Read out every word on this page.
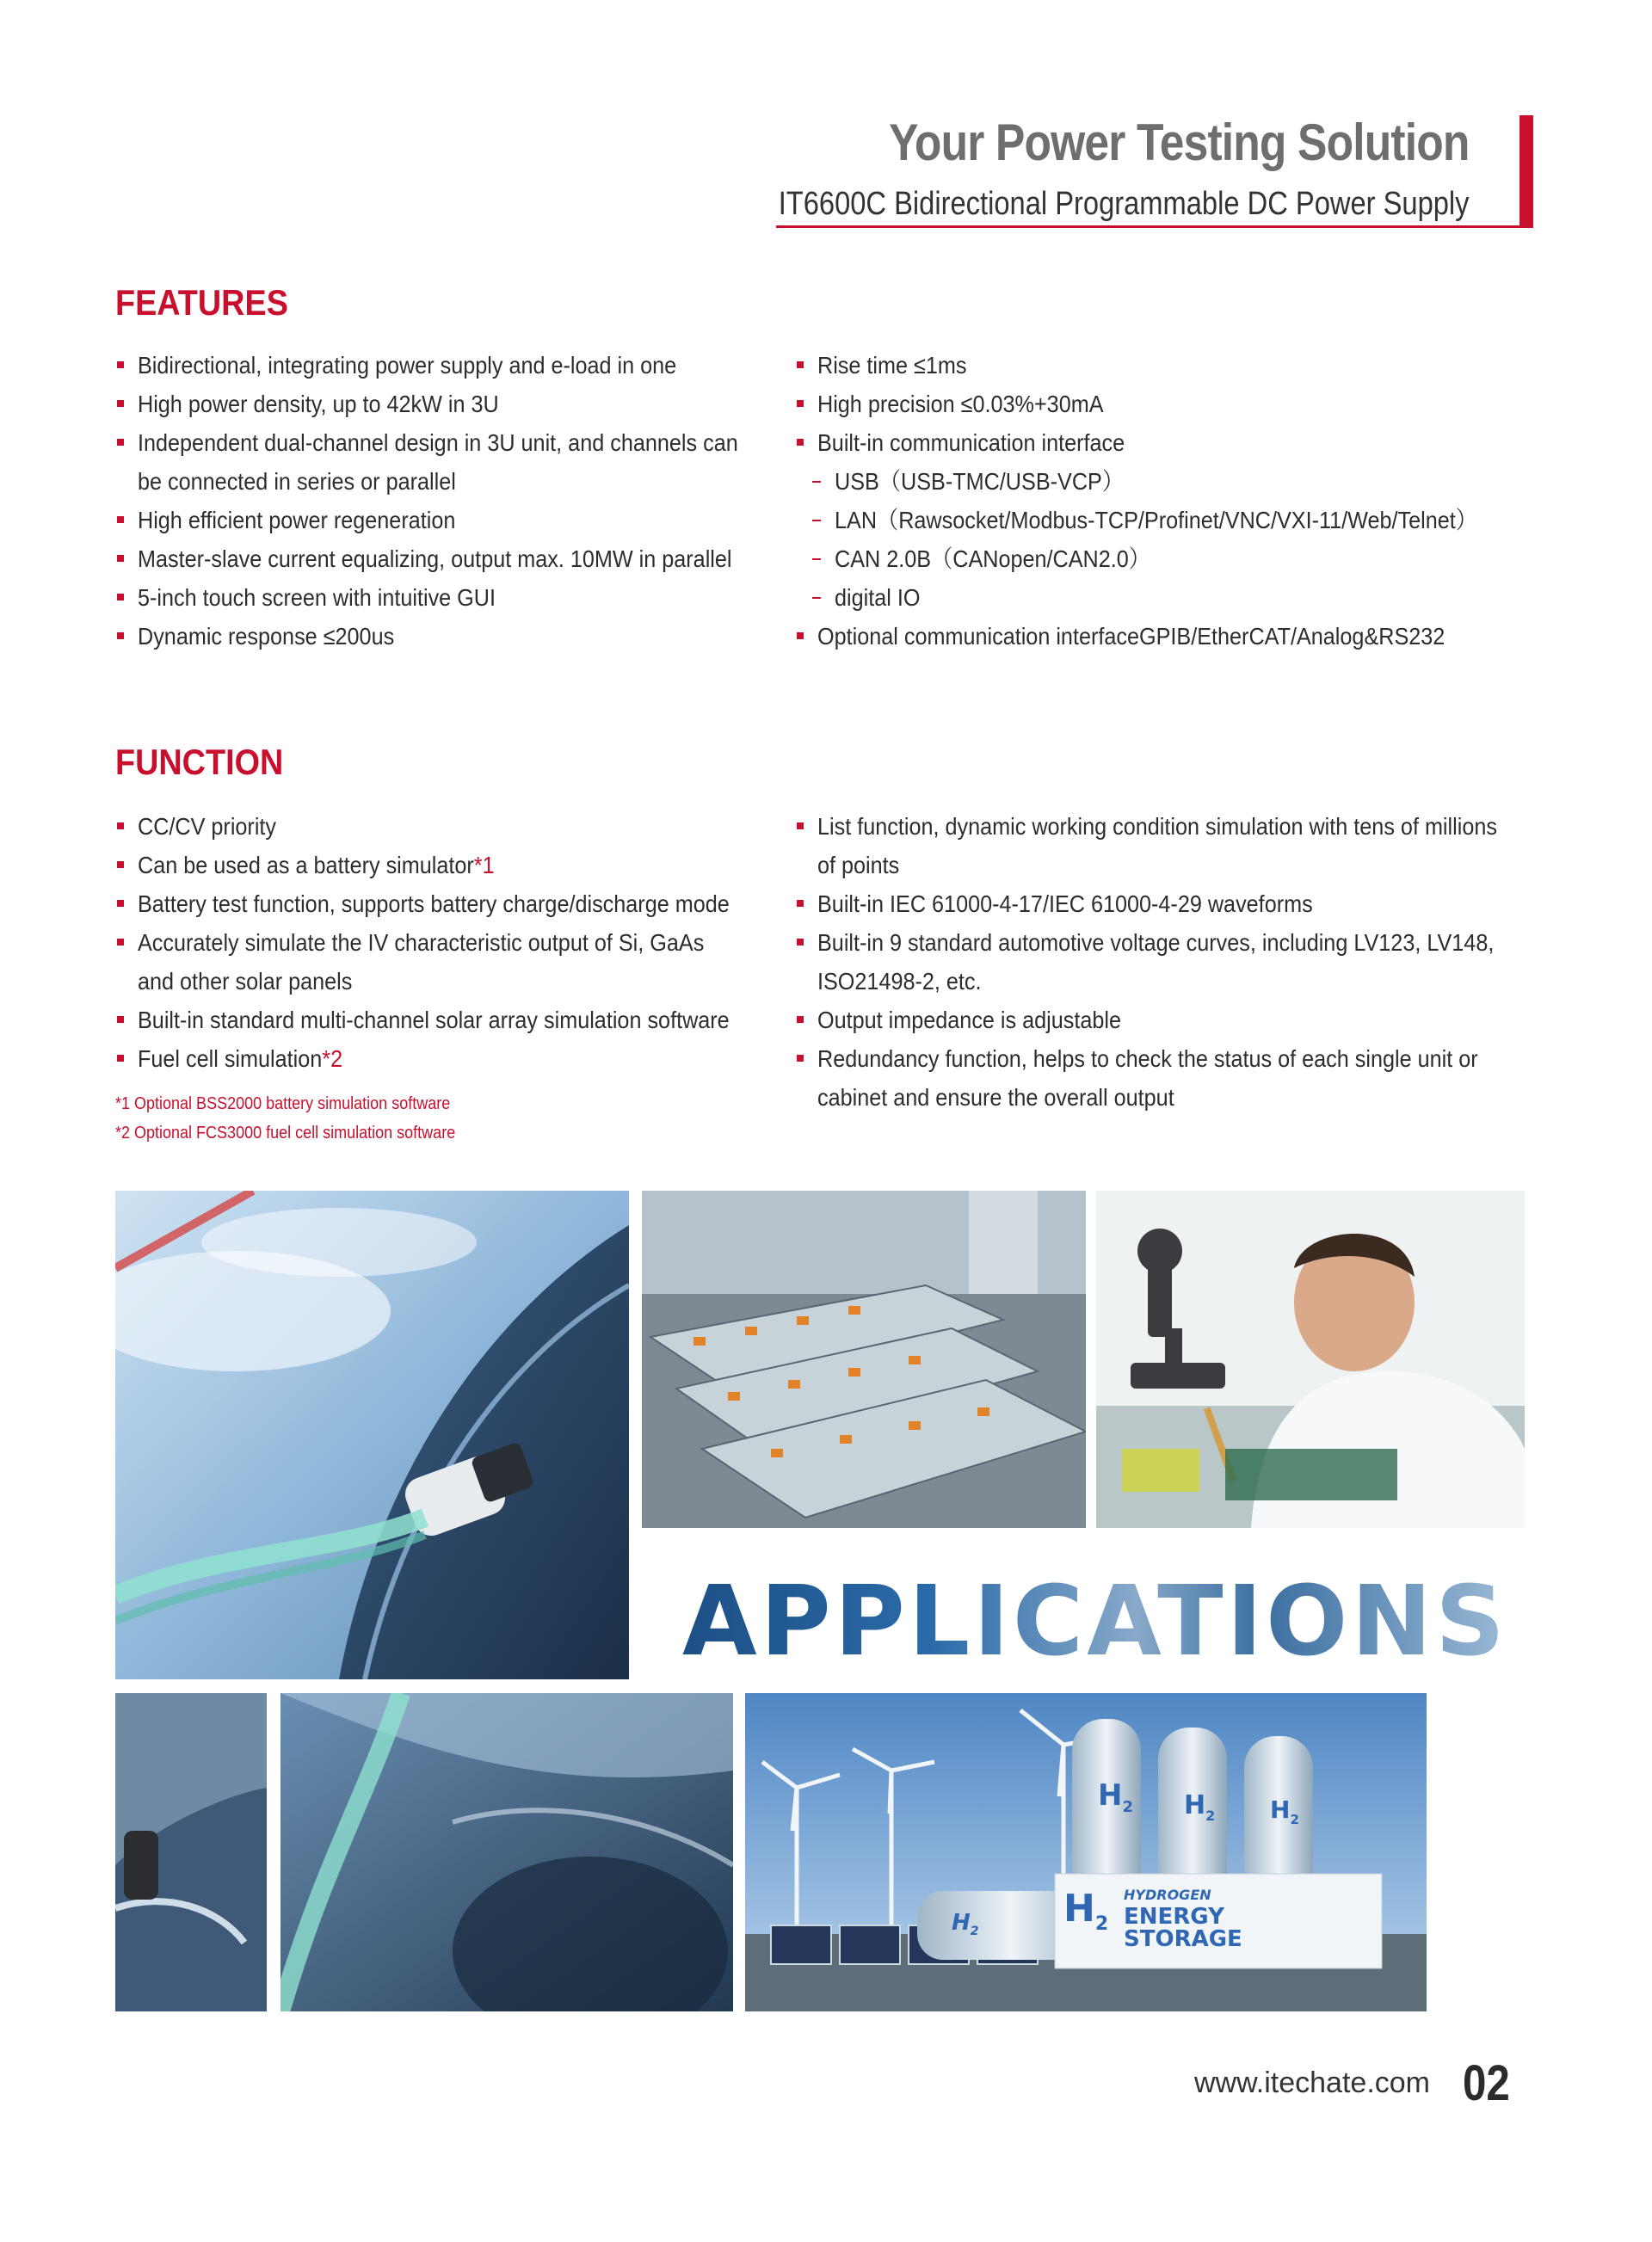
Your Power Testing Solution
IT6600C Bidirectional Programmable DC Power Supply
FEATURES
Bidirectional, integrating power supply and e-load in one
High power density, up to 42kW in 3U
Independent dual-channel design in 3U unit, and channels can
be connected in series or parallel
High efficient power regeneration
Master-slave current equalizing, output max. 10MW in parallel
5-inch touch screen with intuitive GUI
Dynamic response ≤200us
Rise time ≤1ms
High precision ≤0.03%+30mA
Built-in communication interface
USB（USB-TMC/USB-VCP）
LAN（Rawsocket/Modbus-TCP/Profinet/VNC/VXI-11/Web/Telnet）
CAN 2.0B（CANopen/CAN2.0）
digital IO
Optional communication interfaceGPIB/EtherCAT/Analog&RS232
FUNCTION
CC/CV priority
Can be used as a battery simulator*1
Battery test function, supports battery charge/discharge mode
Accurately simulate the IV characteristic output of Si, GaAs
and other solar panels
Built-in standard multi-channel solar array simulation software
Fuel cell simulation*2
List function, dynamic working condition simulation with tens of millions
of points
Built-in IEC 61000-4-17/IEC 61000-4-29 waveforms
Built-in 9 standard automotive voltage curves, including LV123, LV148,
ISO21498-2, etc.
Output impedance is adjustable
Redundancy function, helps to check the status of each single unit or
cabinet and ensure the overall output
*1 Optional BSS2000 battery simulation software
*2 Optional FCS3000 fuel cell simulation software
APPLICATIONS
$H_2$ $H_2$ $H_2$
$H_2$
$H_2$
HYDROGEN
ENERGY
STORAGE
www.itechate.com 02
